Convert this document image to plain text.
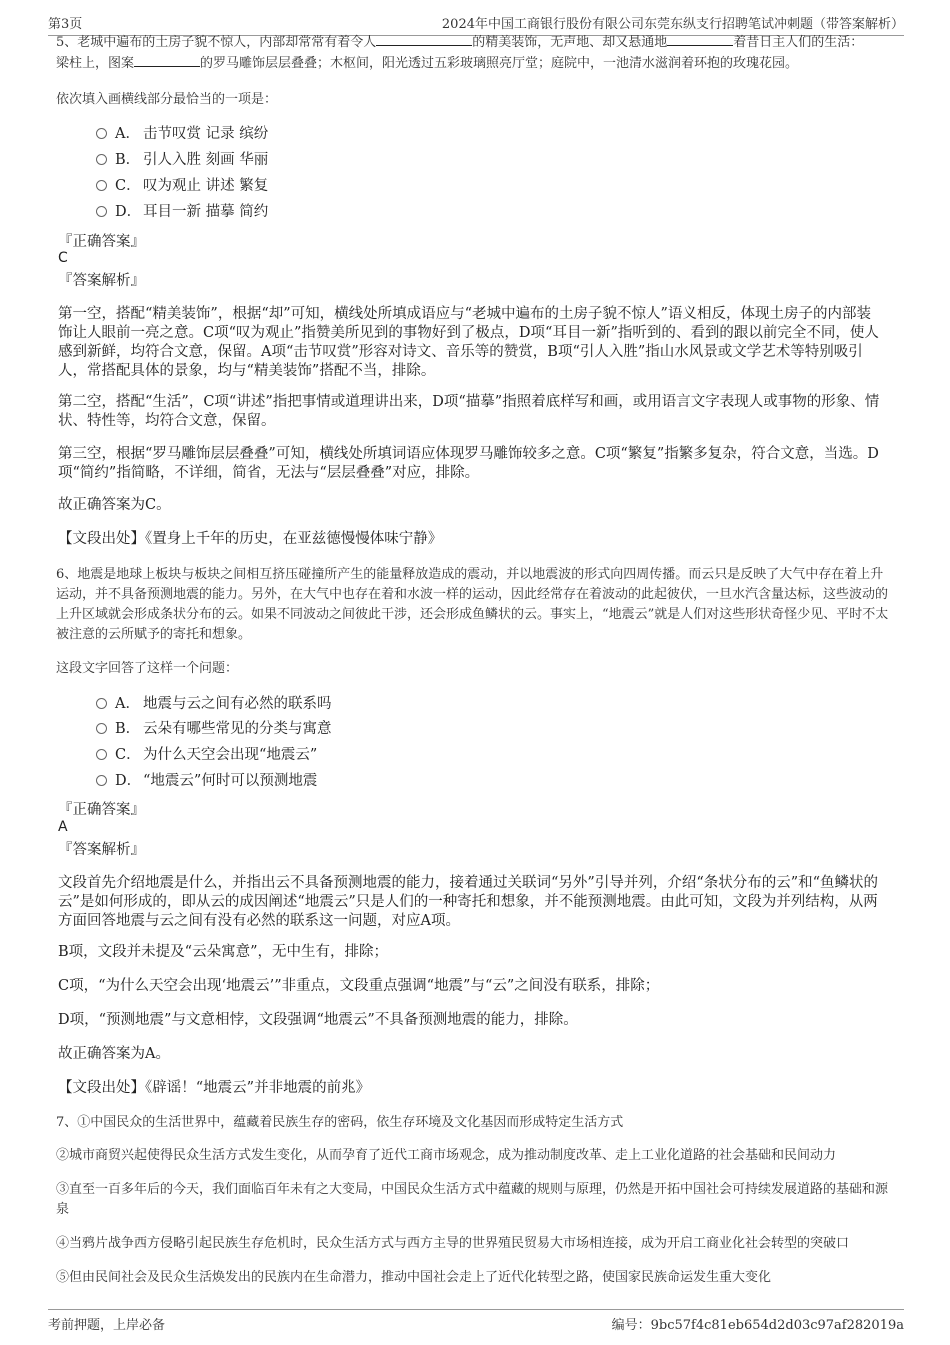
第3页	2024年中国工商银行股份有限公司东莞东纵支行招聘笔试冲刺题（带答案解析）
5、老城中遍布的土房子貌不惊人，内部却常常有着令人	的精美装饰，无声地、却又悬通地	着昔日主人们的生活：
梁柱上，图案	的罗马雕饰层层叠叠；木枢间，阳光透过五彩玻璃照亮厅堂；庭院中，一池清水滋润着环抱的玫瑰花园。
依次填入画横线部分最恰当的一项是：
A． 击节叹赏 记录 缤纷
B． 引人入胜 刻画 华丽
C． 叹为观止 讲述 繁复
D． 耳目一新 描摹 简约
『正确答案』
C
『答案解析』
第一空，搭配“精美装饰”，根据“却”可知，横线处所填成语应与“老城中遍布的土房子貌不惊人”语义相反，体现土房子的内部装饰让人眼前一亮之意。C项“叹为观止”指赞美所见到的事物好到了极点，D项“耳目一新”指听到的、看到的跟以前完全不同，使人感到新鲜，均符合文意，保留。A项“击节叹赏”形容对诗文、音乐等的赞赏，B项“引人入胜”指山水风景或文学艺术等特别吸引人，常搭配具体的景象，均与“精美装饰”搭配不当，排除。
第二空，搭配“生活”，C项“讲述”指把事情或道理讲出来，D项“描摹”指照着底样写和画，或用语言文字表现人或事物的形象、情状、特性等，均符合文意，保留。
第三空，根据“罗马雕饰层层叠叠”可知，横线处所填词语应体现罗马雕饰较多之意。C项“繁复”指繁多复杂，符合文意，当选。D项“简约”指简略，不详细，简省，无法与“层层叠叠”对应，排除。
故正确答案为C。
【文段出处】《置身上千年的历史，在亚兹德慢慢体味宁静》
6、地震是地球上板块与板块之间相互挤压碰撞所产生的能量释放造成的震动，并以地震波的形式向四周传播。而云只是反映了大气中存在着上升运动，并不具备预测地震的能力。另外，在大气中也存在着和水波一样的运动，因此经常存在着波动的此起彼伏，一旦水汽含量达标，这些波动的上升区域就会形成条状分布的云。如果不同波动之间彼此干涉，还会形成鱼鳞状的云。事实上，“地震云”就是人们对这些形状奇怪少见、平时不太被注意的云所赋予的寄托和想象。
这段文字回答了这样一个问题：
A． 地震与云之间有必然的联系吗
B． 云朵有哪些常见的分类与寓意
C． 为什么天空会出现“地震云”
D． “地震云”何时可以预测地震
『正确答案』
A
『答案解析』
文段首先介绍地震是什么，并指出云不具备预测地震的能力，接着通过关联词“另外”引导并列，介绍“条状分布的云”和“鱼鳞状的云”是如何形成的，即从云的成因阐述“地震云”只是人们的一种寄托和想象，并不能预测地震。由此可知，文段为并列结构，从两方面回答地震与云之间有没有必然的联系这一问题，对应A项。
B项，文段并未提及“云朵寓意”，无中生有，排除；
C项，“为什么天空会出现‘地震云’”非重点，文段重点强调“地震”与“云”之间没有联系，排除；
D项，“预测地震”与文意相悖，文段强调“地震云”不具备预测地震的能力，排除。
故正确答案为A。
【文段出处】《辟谣！“地震云”并非地震的前兆》
7、①中国民众的生活世界中，蕴藏着民族生存的密码，依生存环境及文化基因而形成特定生活方式
②城市商贸兴起使得民众生活方式发生变化，从而孕育了近代工商市场观念，成为推动制度改革、走上工业化道路的社会基础和民间动力
③直至一百多年后的今天，我们面临百年未有之大变局，中国民众生活方式中蕴藏的规则与原理，仍然是开拓中国社会可持续发展道路的基础和源泉
④当鸦片战争西方侵略引起民族生存危机时，民众生活方式与西方主导的世界殖民贸易大市场相连接，成为开启工商业化社会转型的突破口
⑤但由民间社会及民众生活焕发出的民族内在生命潜力，推动中国社会走上了近代化转型之路，使国家民族命运发生重大变化
考前押题，上岸必备	编号：9bc57f4c81eb654d2d03c97af282019a
